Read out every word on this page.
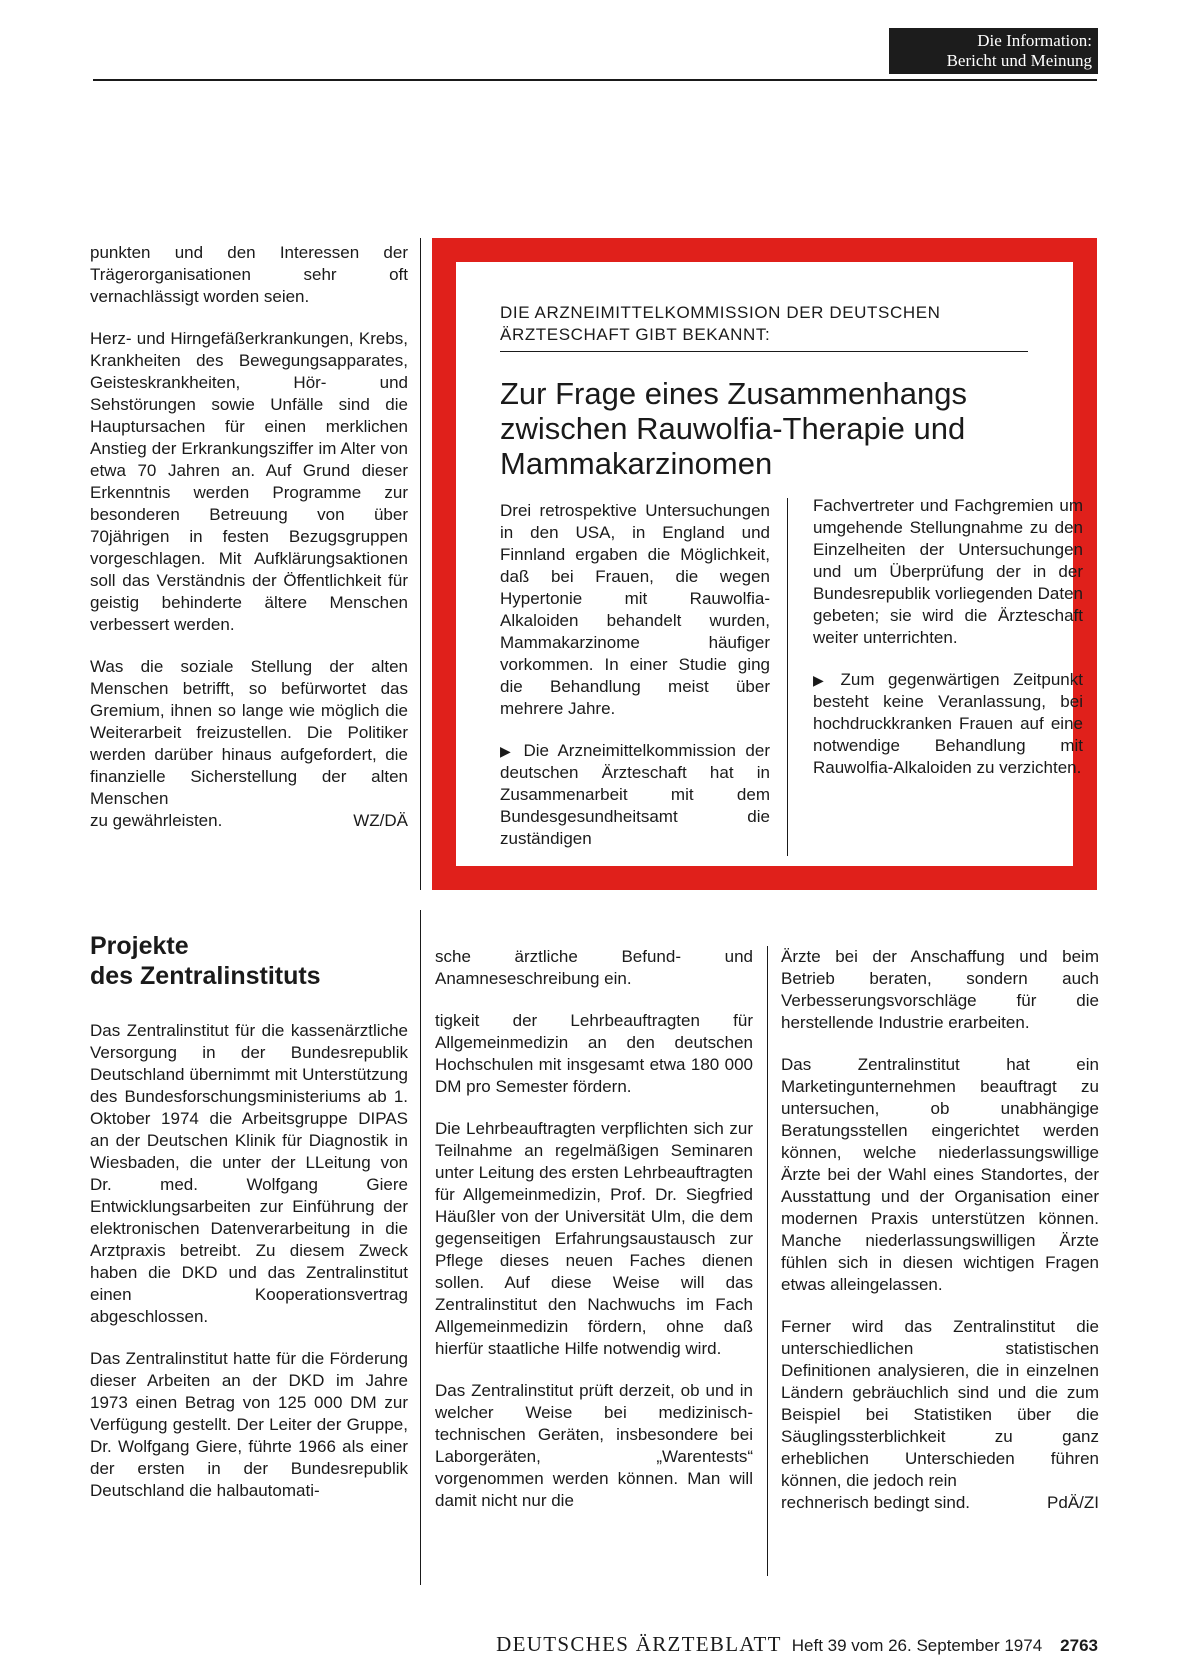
Die Information:
Bericht und Meinung

punkten und den Interessen der Trägerorganisationen sehr oft vernachlässigt worden seien.

Herz- und Hirngefäßerkrankungen, Krebs, Krankheiten des Bewegungsapparates, Geisteskrankheiten, Hör- und Sehstörungen sowie Unfälle sind die Hauptursachen für einen merklichen Anstieg der Erkrankungsziffer im Alter von etwa 70 Jahren an. Auf Grund dieser Erkenntnis werden Programme zur besonderen Betreuung von über 70jährigen in festen Bezugsgruppen vorgeschlagen. Mit Aufklärungsaktionen soll das Verständnis der Öffentlichkeit für geistig behinderte ältere Menschen verbessert werden.

Was die soziale Stellung der alten Menschen betrifft, so befürwortet das Gremium, ihnen so lange wie möglich die Weiterarbeit freizustellen. Die Politiker werden darüber hinaus aufgefordert, die finanzielle Sicherstellung der alten Menschen

zu gewährleisten.	WZ/DÄ
DIE ARZNEIMITTELKOMMISSION DER DEUTSCHEN
ÄRZTESCHAFT GIBT BEKANNT:
Zur Frage eines Zusammenhangs
zwischen Rauwolfia-Therapie und
Mammakarzinomen

Drei retrospektive Untersuchungen in den USA, in England und Finnland ergaben die Möglichkeit, daß bei Frauen, die wegen Hypertonie mit Rauwolfia-Alkaloiden behandelt wurden, Mammakarzinome häufiger vorkommen. In einer Studie ging die Behandlung meist über mehrere Jahre.

▶ Die Arzneimittelkommission der deutschen Ärzteschaft hat in Zusammenarbeit mit dem Bundesgesundheitsamt die zuständigen

Fachvertreter und Fachgremien um umgehende Stellungnahme zu den Einzelheiten der Untersuchungen und um Überprüfung der in der Bundesrepublik vorliegenden Daten gebeten; sie wird die Ärzteschaft weiter unterrichten.

▶ Zum gegenwärtigen Zeitpunkt besteht keine Veranlassung, bei hochdruckkranken Frauen auf eine notwendige Behandlung mit Rauwolfia-Alkaloiden zu verzichten.

Projekte
des Zentralinstituts

Das Zentralinstitut für die kassenärztliche Versorgung in der Bundesrepublik Deutschland übernimmt mit Unterstützung des Bundesforschungsministeriums ab 1. Oktober 1974 die Arbeitsgruppe DIPAS an der Deutschen Klinik für Diagnostik in Wiesbaden, die unter der LLeitung von Dr. med. Wolfgang Giere Entwicklungsarbeiten zur Einführung der elektronischen Datenverarbeitung in die Arztpraxis betreibt. Zu diesem Zweck haben die DKD und das Zentralinstitut einen Kooperationsvertrag abgeschlossen.

Das Zentralinstitut hatte für die Förderung dieser Arbeiten an der DKD im Jahre 1973 einen Betrag von 125 000 DM zur Verfügung gestellt. Der Leiter der Gruppe, Dr. Wolfgang Giere, führte 1966 als einer der ersten in der Bundesrepublik Deutschland die halbautomati-

sche ärztliche Befund- und Anamneseschreibung ein.

tigkeit der Lehrbeauftragten für Allgemeinmedizin an den deutschen Hochschulen mit insgesamt etwa 180 000 DM pro Semester fördern.

Die Lehrbeauftragten verpflichten sich zur Teilnahme an regelmäßigen Seminaren unter Leitung des ersten Lehrbeauftragten für Allgemeinmedizin, Prof. Dr. Siegfried Häußler von der Universität Ulm, die dem gegenseitigen Erfahrungsaustausch zur Pflege dieses neuen Faches dienen sollen. Auf diese Weise will das Zentralinstitut den Nachwuchs im Fach Allgemeinmedizin fördern, ohne daß hierfür staatliche Hilfe notwendig wird.

Das Zentralinstitut prüft derzeit, ob und in welcher Weise bei medizinisch-technischen Geräten, insbesondere bei Laborgeräten, „Warentests“ vorgenommen werden können. Man will damit nicht nur die

Ärzte bei der Anschaffung und beim Betrieb beraten, sondern auch Verbesserungsvorschläge für die herstellende Industrie erarbeiten.

Das Zentralinstitut hat ein Marketingunternehmen beauftragt zu untersuchen, ob unabhängige Beratungsstellen eingerichtet werden können, welche niederlassungswillige Ärzte bei der Wahl eines Standortes, der Ausstattung und der Organisation einer modernen Praxis unterstützen können. Manche niederlassungswilligen Ärzte fühlen sich in diesen wichtigen Fragen etwas alleingelassen.

Ferner wird das Zentralinstitut die unterschiedlichen statistischen Definitionen analysieren, die in einzelnen Ländern gebräuchlich sind und die zum Beispiel bei Statistiken über die Säuglingssterblichkeit zu ganz erheblichen Unterschieden führen können, die jedoch rein

rechnerisch bedingt sind.	PdÄ/ZI
DEUTSCHES ÄRZTEBLATT Heft 39 vom 26. September 1974 2763
